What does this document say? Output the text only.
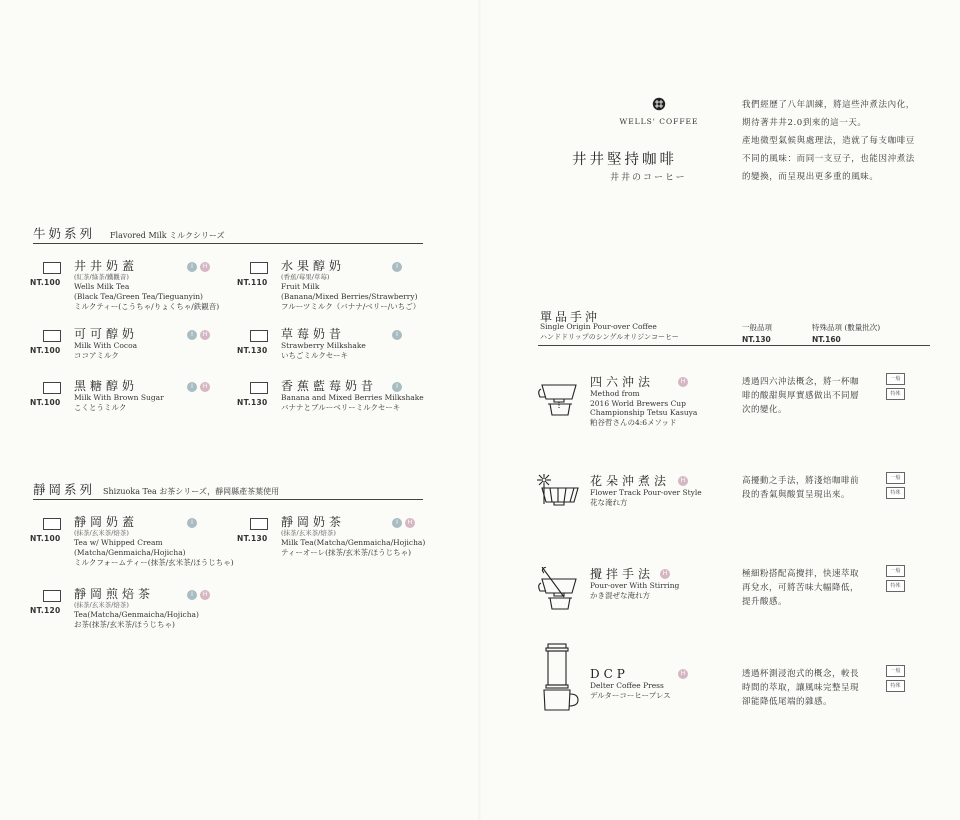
牛奶系列 Flavored Milk ミルクシリーズ
NT.100
井井奶蓋
(紅茶/綠茶/鐵觀音)
Wells Milk Tea
(Black Tea/Green Tea/Tieguanyin)
ミルクティー(こうちゃ/りょくちゃ/鉄観音)
I	H
NT.110
水果醇奶
(香蕉/莓果/草莓)
Fruit Milk
(Banana/Mixed Berries/Strawberry)
フルーツミルク（バナナ/ベリー/いちご）
I
NT.100
可可醇奶
Milk With Cocoa
ココアミルク
I	H
NT.130
草莓奶昔
Strawberry Milkshake
いちごミルクセーキ
I
NT.100
黑糖醇奶
Milk With Brown Sugar
こくとうミルク
I	H
NT.130
香蕉藍莓奶昔
Banana and Mixed Berries Milkshake
バナナとブルーベリーミルクセーキ
I
靜岡系列 Shizuoka Tea お茶シリーズ，靜岡縣產茶葉使用
NT.100
靜岡奶蓋
(抹茶/玄米茶/焙茶)
Tea w/ Whipped Cream
(Matcha/Genmaicha/Hojicha)
ミルクフォームティー(抹茶/玄米茶/ほうじちゃ)
I
NT.130
靜岡奶茶
(抹茶/玄米茶/焙茶)
Milk Tea(Matcha/Genmaicha/Hojicha)
ティーオーレ(抹茶/玄米茶/ほうじちゃ)
I	H
NT.120
靜岡煎焙茶
(抹茶/玄米茶/焙茶)
Tea(Matcha/Genmaicha/Hojicha)
お茶(抹茶/玄米茶/ほうじちゃ)
I	H
WELLS' COFFEE
井井堅持咖啡
井井のコーヒー
我們經歷了八年訓練，將這些沖煮法內化，
期待著井井2.0到來的這一天。
產地微型氣候與處理法，造就了每支咖啡豆
不同的風味：而同一支豆子，也能因沖煮法
的變換，而呈現出更多重的風味。
單品手沖
Single Origin Pour-over Coffee
ハンドドリップのシングルオリジンコーヒー
一般品項
NT.130
特殊品項 (數量批次)
NT.160
四六沖法
Method from
2016 World Brewers Cup
Championship Tetsu Kasuya
粕谷哲さんの4:6メソッド
H	透過四六沖法概念，將一杯咖
啡的酸甜與厚實感做出不同層
次的變化。
一般
特殊
花朵沖煮法
Flower Track Pour-over Style
花な淹れ方
H	高擾動之手法，將淺焙咖啡前
段的香氣與酸質呈現出來。
一般
特殊
攪拌手法
Pour-over With Stirring
かき混ぜな淹れ方
H	極細粉搭配高攪拌，快速萃取
再兌水，可將苦味大幅降低，
提升酸感。
一般
特殊
DCP
Delter Coffee Press
デルターコーヒープレス
H	透過杯測浸泡式的概念，較長
時間的萃取，讓風味完整呈現
卻能降低尾端的雜感。
一般
特殊
